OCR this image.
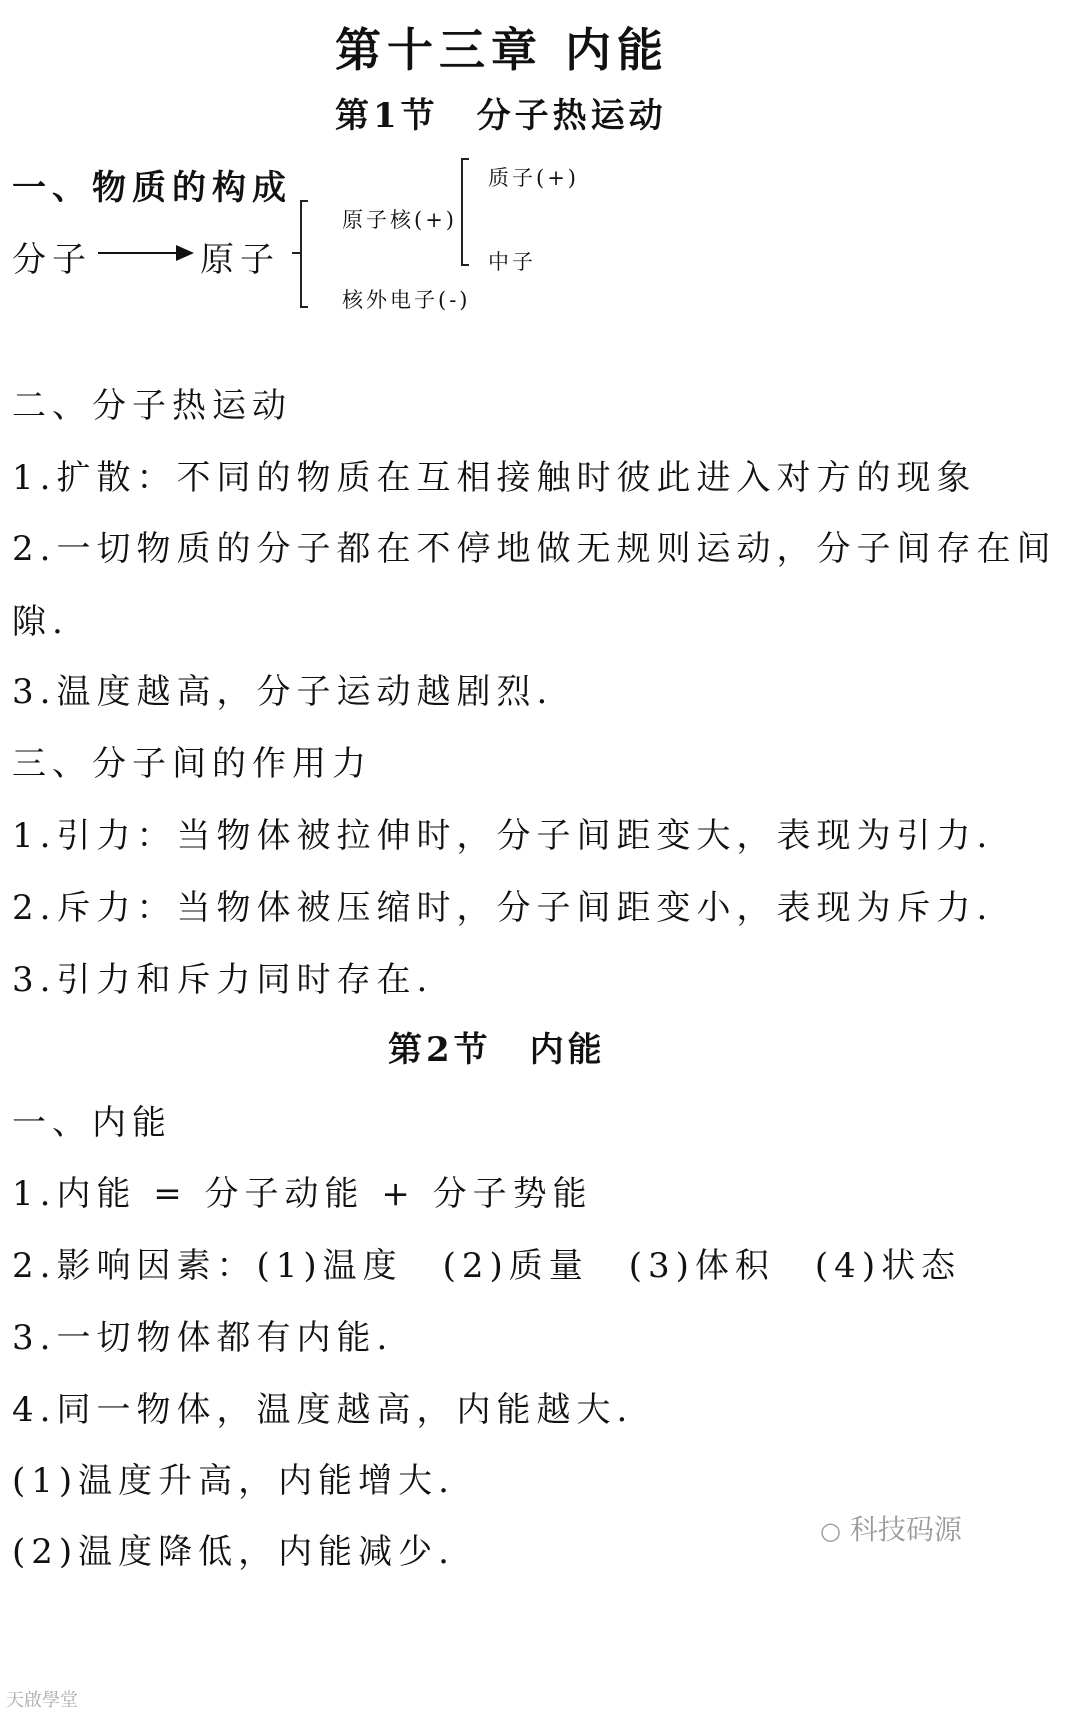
第十三章 内能
第1节　分子热运动
一、物质的构成
分子	原子
原子核(+)
核外电子(-)
质子(+)
中子
二、分子热运动
1.扩散：不同的物质在互相接触时彼此进入对方的现象
2.一切物质的分子都在不停地做无规则运动，分子间存在间
隙.
3.温度越高，分子运动越剧烈.
三、分子间的作用力
1.引力：当物体被拉伸时，分子间距变大，表现为引力.
2.斥力：当物体被压缩时，分子间距变小，表现为斥力.
3.引力和斥力同时存在.
第2节　内能
一、内能
1.内能 = 分子动能 + 分子势能
2.影响因素：(1)温度　(2)质量　(3)体积　(4)状态
3.一切物体都有内能.
4.同一物体，温度越高，内能越大.
(1)温度升高，内能增大.
(2)温度降低，内能减少.
天啟學堂
○ 科技码源
